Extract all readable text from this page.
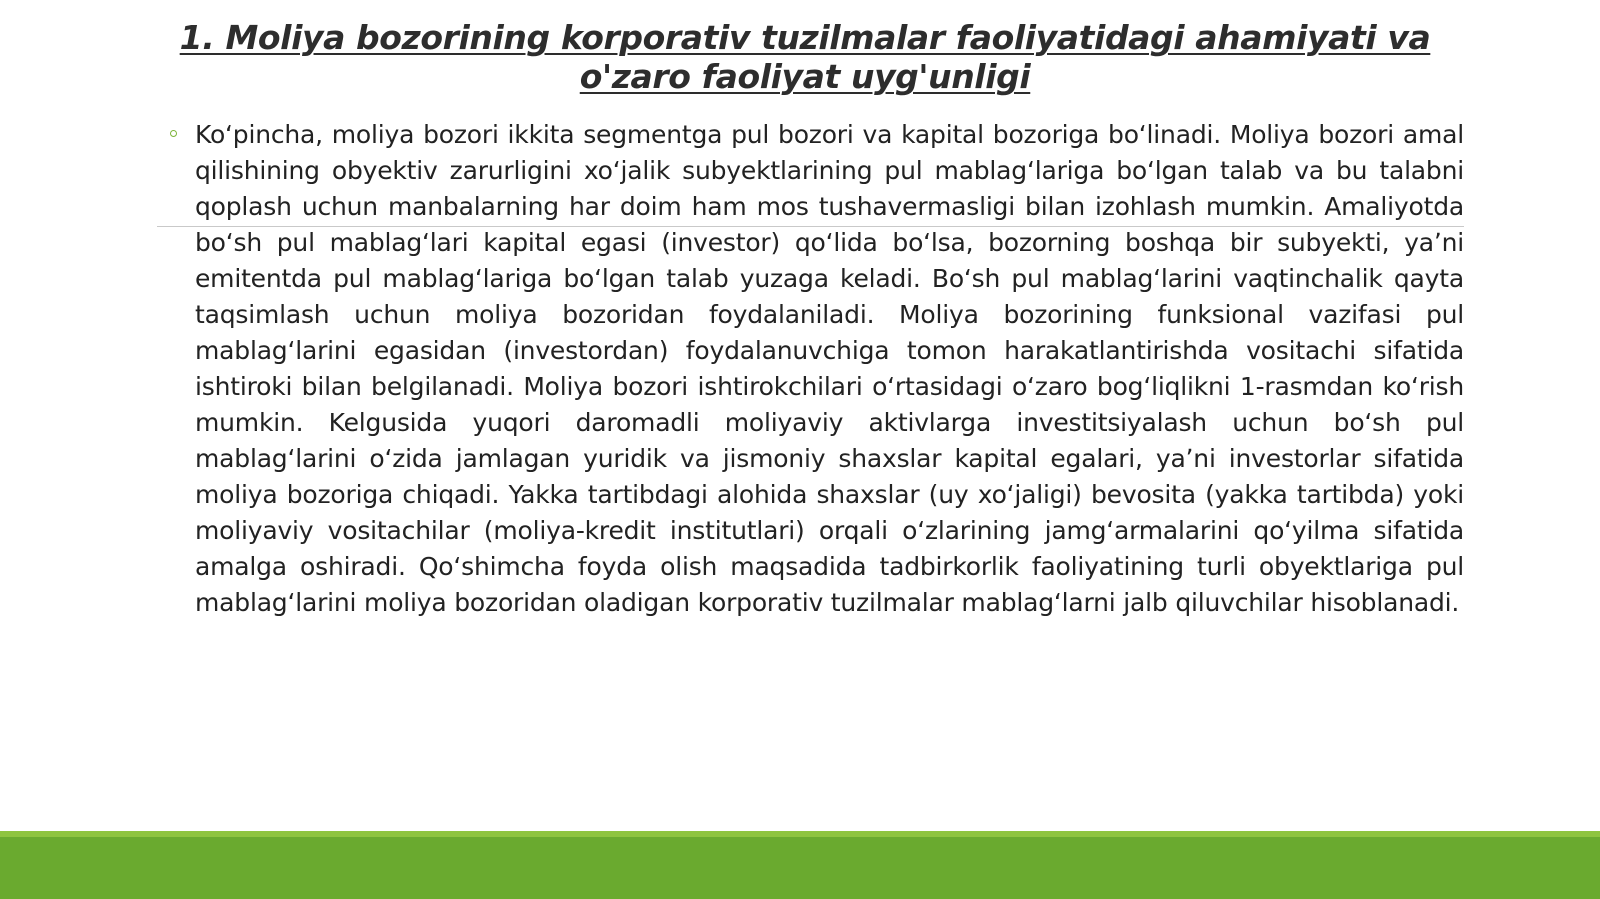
1. Moliya bozorining korporativ tuzilmalar faoliyatidagi ahamiyati va o'zaro faoliyat uyg'unligi

Koʻpincha, moliya bozori ikkita segmentga pul bozori va kapital bozoriga boʻlinadi. Moliya bozori amal qilishining obyektiv zarurligini xoʻjalik subyektlarining pul mablagʻlariga boʻlgan talab va bu talabni qoplash uchun manbalarning har doim ham mos tushavermasligi bilan izohlash mumkin. Amaliyotda boʻsh pul mablagʻlari kapital egasi (investor) qoʻlida boʻlsa, bozorning boshqa bir subyekti, yaʼni emitentda pul mablagʻlariga boʻlgan talab yuzaga keladi. Boʻsh pul mablagʻlarini vaqtinchalik qayta taqsimlash uchun moliya bozoridan foydalaniladi. Moliya bozorining funksional vazifasi pul mablagʻlarini egasidan (investordan) foydalanuvchiga tomon harakatlantirishda vositachi sifatida ishtiroki bilan belgilanadi. Moliya bozori ishtirokchilari oʻrtasidagi oʻzaro bogʻliqlikni 1-rasmdan koʻrish mumkin. Kelgusida yuqori daromadli moliyaviy aktivlarga investitsiyalash uchun boʻsh pul mablagʻlarini oʻzida jamlagan yuridik va jismoniy shaxslar kapital egalari, yaʼni investorlar sifatida moliya bozoriga chiqadi. Yakka tartibdagi alohida shaxslar (uy xoʻjaligi) bevosita (yakka tartibda) yoki moliyaviy vositachilar (moliya-kredit institutlari) orqali oʻzlarining jamgʻarmalarini qoʻyilma sifatida amalga oshiradi. Qoʻshimcha foyda olish maqsadida tadbirkorlik faoliyatining turli obyektlariga pul mablagʻlarini moliya bozoridan oladigan korporativ tuzilmalar mablagʻlarni jalb qiluvchilar hisoblanadi.
